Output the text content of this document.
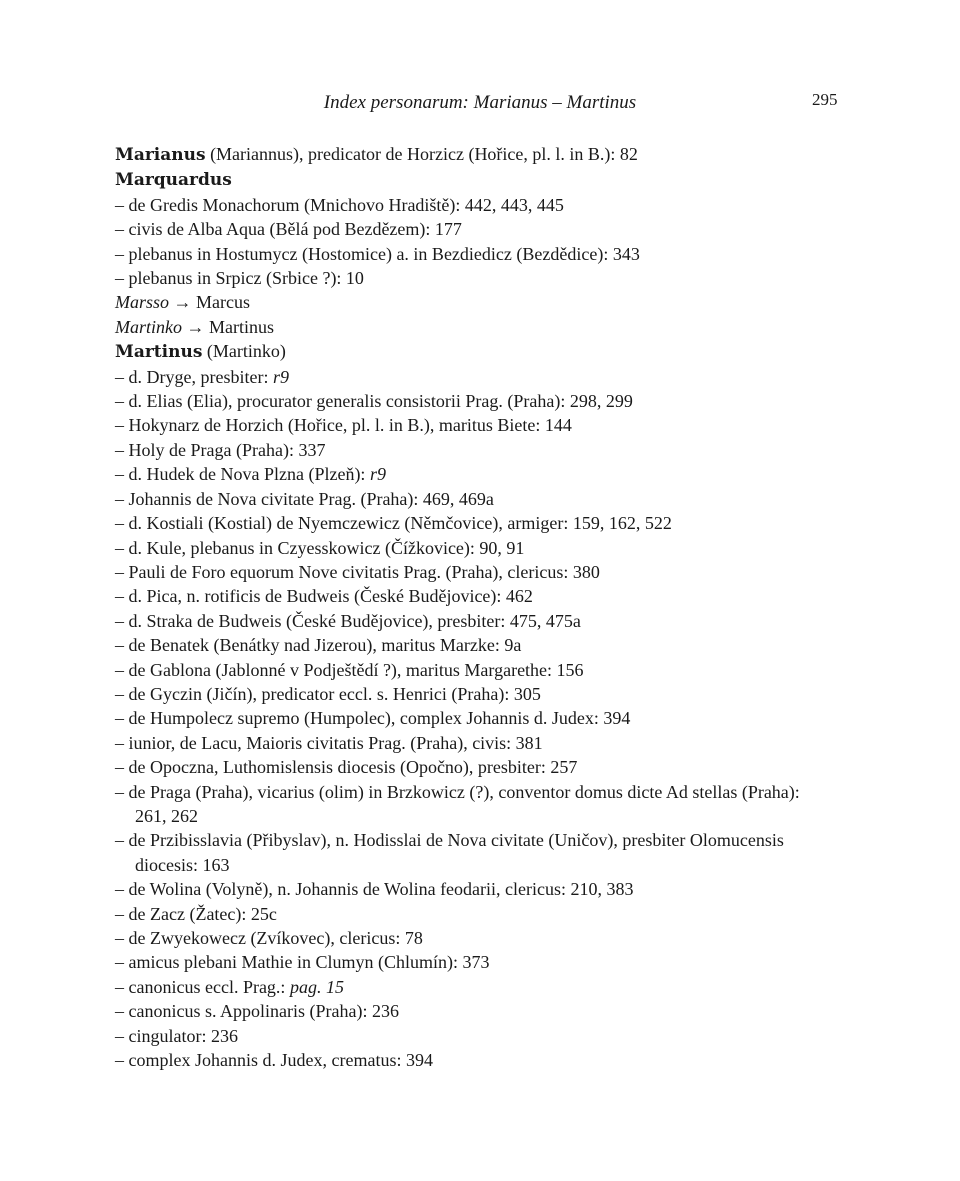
Index personarum: Marianus – Martinus	295
Marianus (Mariannus), predicator de Horzicz (Hořice, pl. l. in B.): 82
Marquardus
– de Gredis Monachorum (Mnichovo Hradiště): 442, 443, 445
– civis de Alba Aqua (Bělá pod Bezdězem): 177
– plebanus in Hostumycz (Hostomice) a. in Bezdiedicz (Bezdědice): 343
– plebanus in Srpicz (Srbice ?): 10
Marsso → Marcus
Martinko → Martinus
Martinus (Martinko)
– d. Dryge, presbiter: r9
– d. Elias (Elia), procurator generalis consistorii Prag. (Praha): 298, 299
– Hokynarz de Horzich (Hořice, pl. l. in B.), maritus Biete: 144
– Holy de Praga (Praha): 337
– d. Hudek de Nova Plzna (Plzeň): r9
– Johannis de Nova civitate Prag. (Praha): 469, 469a
– d. Kostiali (Kostial) de Nyemczewicz (Němčovice), armiger: 159, 162, 522
– d. Kule, plebanus in Czyesskowicz (Čížkovice): 90, 91
– Pauli de Foro equorum Nove civitatis Prag. (Praha), clericus: 380
– d. Pica, n. rotificis de Budweis (České Budějovice): 462
– d. Straka de Budweis (České Budějovice), presbiter: 475, 475a
– de Benatek (Benátky nad Jizerou), maritus Marzke: 9a
– de Gablona (Jablonné v Podještědí ?), maritus Margarethe: 156
– de Gyczin (Jičín), predicator eccl. s. Henrici (Praha): 305
– de Humpolecz supremo (Humpolec), complex Johannis d. Judex: 394
– iunior, de Lacu, Maioris civitatis Prag. (Praha), civis: 381
– de Opoczna, Luthomislensis diocesis (Opočno), presbiter: 257
– de Praga (Praha), vicarius (olim) in Brzkowicz (?), conventor domus dicte Ad stellas (Praha): 261, 262
– de Przibisslavia (Přibyslav), n. Hodisslai de Nova civitate (Uničov), presbiter Olomucensis diocesis: 163
– de Wolina (Volyně), n. Johannis de Wolina feodarii, clericus: 210, 383
– de Zacz (Žatec): 25c
– de Zwyekowecz (Zvíkovec), clericus: 78
– amicus plebani Mathie in Clumyn (Chlumín): 373
– canonicus eccl. Prag.: pag. 15
– canonicus s. Appolinaris (Praha): 236
– cingulator: 236
– complex Johannis d. Judex, crematus: 394
